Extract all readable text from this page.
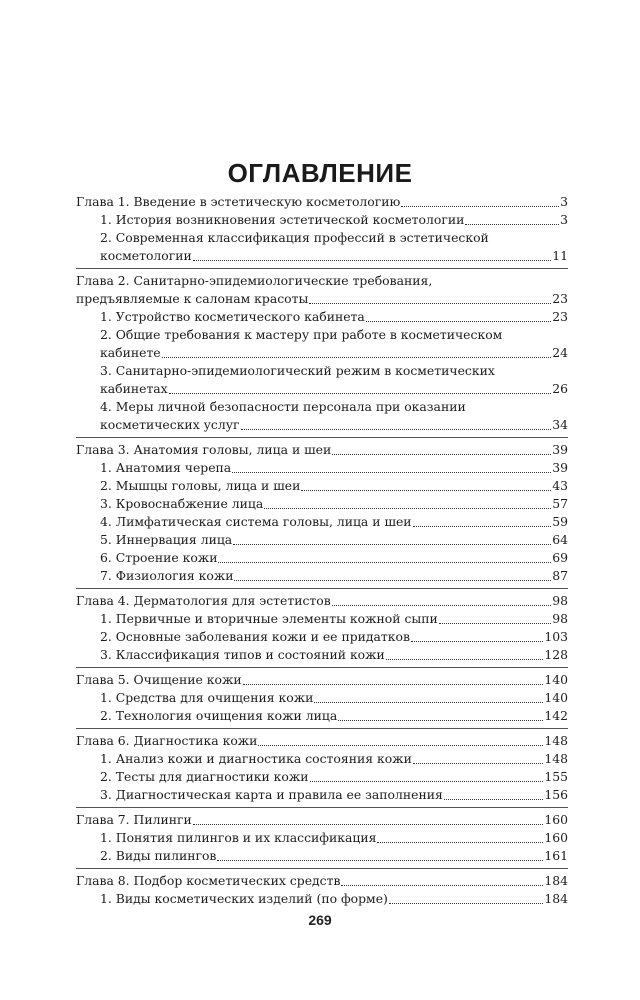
ОГЛАВЛЕНИЕ
Глава 1. Введение в эстетическую косметологию	3
1. История возникновения эстетической косметологии	3
2. Современная классификация профессий в эстетической
косметологии	11
Глава 2. Санитарно-эпидемиологические требования,
предъявляемые к салонам красоты	23
1. Устройство косметического кабинета	23
2. Общие требования к мастеру при работе в косметическом
кабинете	24
3. Санитарно-эпидемиологический режим в косметических
кабинетах	26
4. Меры личной безопасности персонала при оказании
косметических услуг	34
Глава 3. Анатомия головы, лица и шеи	39
1. Анатомия черепа	39
2. Мышцы головы, лица и шеи	43
3. Кровоснабжение лица	57
4. Лимфатическая система головы, лица и шеи	59
5. Иннервация лица	64
6. Строение кожи	69
7. Физиология кожи	87
Глава 4. Дерматология для эстетистов	98
1. Первичные и вторичные элементы кожной сыпи	98
2. Основные заболевания кожи и ее придатков	103
3. Классификация типов и состояний кожи	128
Глава 5. Очищение кожи	140
1. Средства для очищения кожи	140
2. Технология очищения кожи лица	142
Глава 6. Диагностика кожи	148
1. Анализ кожи и диагностика состояния кожи	148
2. Тесты для диагностики кожи	155
3. Диагностическая карта и правила ее заполнения	156
Глава 7. Пилинги	160
1. Понятия пилингов и их классификация	160
2. Виды пилингов	161
Глава 8. Подбор косметических средств	184
1. Виды косметических изделий (по форме)	184
269
